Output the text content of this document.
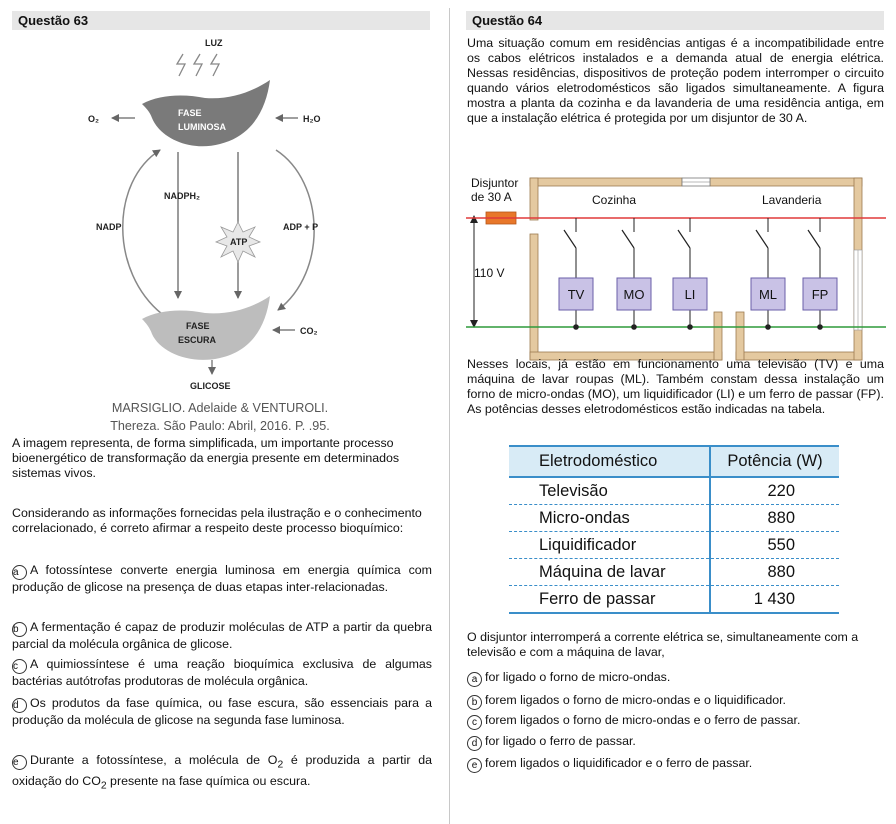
Questão 63
LUZ
FASE
LUMINOSA
O₂	H₂O
NADP	ADP + P
NADPH₂
ATP
FASE
ESCURA
CO₂
GLICOSE
MARSIGLIO. Adelaide & VENTUROLI.
Thereza. São Paulo: Abril, 2016. P. .95.
A imagem representa, de forma simplificada, um importante processo bioenergético de transformação da energia presente em determinados sistemas vivos.
Considerando as informações fornecidas pela ilustração e o conhecimento correlacionado, é correto afirmar a respeito deste processo bioquímico:
a A fotossíntese converte energia luminosa em energia química com produção de glicose na presença de duas etapas inter-relacionadas.
b A fermentação é capaz de produzir moléculas de ATP a partir da quebra parcial da molécula orgânica de glicose.
c A quimiossíntese é uma reação bioquímica exclusiva de algumas bactérias autótrofas produtoras de molécula orgânica.
d Os produtos da fase química, ou fase escura, são essenciais para a produção da molécula de glicose na segunda fase luminosa.
e Durante a fotossíntese, a molécula de $O_2$ é produzida a partir da oxidação do $CO_2$ presente na fase química ou escura.
Questão 64
Uma situação comum em residências antigas é a incompatibilidade entre os cabos elétricos instalados e a demanda atual de energia elétrica. Nessas residências, dispositivos de proteção podem interromper o circuito quando vários eletrodomésticos são ligados simultaneamente. A figura mostra a planta da cozinha e da lavanderia de uma residência antiga, em que a instalação elétrica é protegida por um disjuntor de 30 A.
Disjuntor
de 30 A	Cozinha	Lavanderia
110 V
TV	MO	LI	ML	FP
Nesses locais, já estão em funcionamento uma televisão (TV) e uma máquina de lavar roupas (ML). Também constam dessa instalação um forno de micro-ondas (MO), um liquidificador (LI) e um ferro de passar (FP). As potências desses eletrodomésticos estão indicadas na tabela.
Eletrodoméstico	Potência (W)
Televisão	220
Micro-ondas	880
Liquidificador	550
Máquina de lavar	880
Ferro de passar	1 430
O disjuntor interromperá a corrente elétrica se, simultaneamente com a televisão e com a máquina de lavar,
a for ligado o forno de micro-ondas.
b forem ligados o forno de micro-ondas e o liquidificador.
c forem ligados o forno de micro-ondas e o ferro de passar.
d for ligado o ferro de passar.
e forem ligados o liquidificador e o ferro de passar.
